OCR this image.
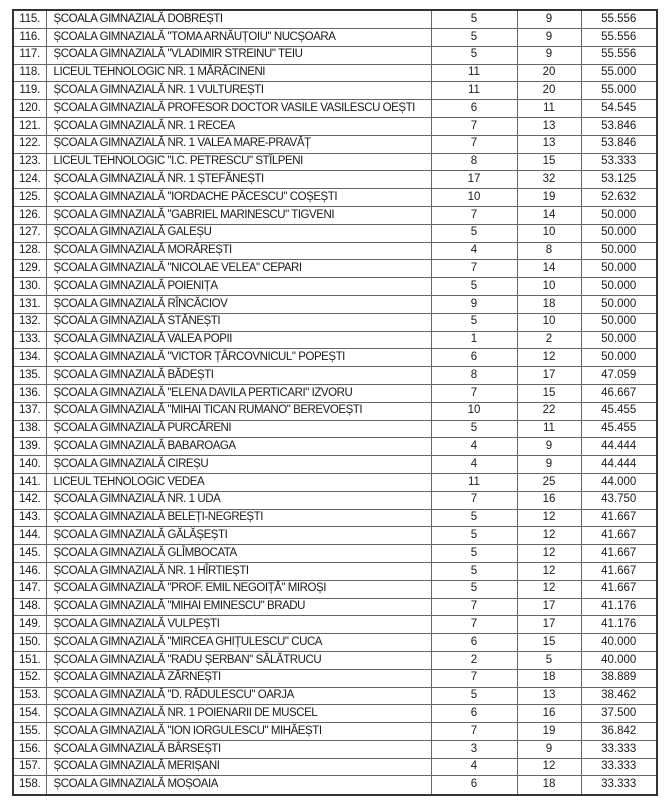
115.	ȘCOALA GIMNAZIALĂ DOBREȘTI	5	9	55.556
116.	ȘCOALA GIMNAZIALĂ "TOMA ARNĂUȚOIU" NUCȘOARA	5	9	55.556
117.	ȘCOALA GIMNAZIALĂ "VLADIMIR STREINU" TEIU	5	9	55.556
118.	LICEUL TEHNOLOGIC NR. 1 MĂRĂCINENI	11	20	55.000
119.	ȘCOALA GIMNAZIALĂ NR. 1 VULTUREȘTI	11	20	55.000
120.	ȘCOALA GIMNAZIALĂ PROFESOR DOCTOR VASILE VASILESCU OEȘTI	6	11	54.545
121.	ȘCOALA GIMNAZIALĂ NR. 1 RECEA	7	13	53.846
122.	ȘCOALA GIMNAZIALĂ NR. 1 VALEA MARE-PRAVĂȚ	7	13	53.846
123.	LICEUL TEHNOLOGIC "I.C. PETRESCU" STÎLPENI	8	15	53.333
124.	ȘCOALA GIMNAZIALĂ NR. 1 ȘTEFĂNEȘTI	17	32	53.125
125.	ȘCOALA GIMNAZIALĂ "IORDACHE PĂCESCU" COȘEȘTI	10	19	52.632
126.	ȘCOALA GIMNAZIALĂ "GABRIEL MARINESCU" TIGVENI	7	14	50.000
127.	ȘCOALA GIMNAZIALĂ GALEȘU	5	10	50.000
128.	ȘCOALA GIMNAZIALĂ MORĂREȘTI	4	8	50.000
129.	ȘCOALA GIMNAZIALĂ "NICOLAE VELEA" CEPARI	7	14	50.000
130.	ȘCOALA GIMNAZIALĂ POIENIȚA	5	10	50.000
131.	ȘCOALA GIMNAZIALĂ RÎNCĂCIOV	9	18	50.000
132.	ȘCOALA GIMNAZIALĂ STĂNEȘTI	5	10	50.000
133.	ȘCOALA GIMNAZIALĂ VALEA POPII	1	2	50.000
134.	ȘCOALA GIMNAZIALĂ "VICTOR ȚÂRCOVNICUL" POPEȘTI	6	12	50.000
135.	ȘCOALA GIMNAZIALĂ BĂDEȘTI	8	17	47.059
136.	ȘCOALA GIMNAZIALĂ "ELENA DAVILA PERTICARI" IZVORU	7	15	46.667
137.	ȘCOALA GIMNAZIALĂ "MIHAI TICAN RUMANO" BEREVOEȘTI	10	22	45.455
138.	ȘCOALA GIMNAZIALĂ PURCĂRENI	5	11	45.455
139.	ȘCOALA GIMNAZIALĂ BABAROAGA	4	9	44.444
140.	ȘCOALA GIMNAZIALĂ CIREȘU	4	9	44.444
141.	LICEUL TEHNOLOGIC VEDEA	11	25	44.000
142.	ȘCOALA GIMNAZIALĂ NR. 1 UDA	7	16	43.750
143.	ȘCOALA GIMNAZIALĂ BELEȚI-NEGREȘTI	5	12	41.667
144.	ȘCOALA GIMNAZIALĂ GĂLĂȘEȘTI	5	12	41.667
145.	ȘCOALA GIMNAZIALĂ GLÎMBOCATA	5	12	41.667
146.	ȘCOALA GIMNAZIALĂ NR. 1 HÎRTIEȘTI	5	12	41.667
147.	ȘCOALA GIMNAZIALĂ "PROF. EMIL NEGOIȚĂ" MIROȘI	5	12	41.667
148.	ȘCOALA GIMNAZIALĂ "MIHAI EMINESCU" BRADU	7	17	41.176
149.	ȘCOALA GIMNAZIALĂ VULPEȘTI	7	17	41.176
150.	ȘCOALA GIMNAZIALĂ "MIRCEA GHIȚULESCU" CUCA	6	15	40.000
151.	ȘCOALA GIMNAZIALĂ "RADU ȘERBAN" SĂLĂTRUCU	2	5	40.000
152.	ȘCOALA GIMNAZIALĂ ZĂRNEȘTI	7	18	38.889
153.	ȘCOALA GIMNAZIALĂ "D. RĂDULESCU" OARJA	5	13	38.462
154.	ȘCOALA GIMNAZIALĂ NR. 1 POIENARII DE MUSCEL	6	16	37.500
155.	ȘCOALA GIMNAZIALĂ "ION IORGULESCU" MIHĂEȘTI	7	19	36.842
156.	ȘCOALA GIMNAZIALĂ BÂRSEȘTI	3	9	33.333
157.	ȘCOALA GIMNAZIALĂ MERIȘANI	4	12	33.333
158.	ȘCOALA GIMNAZIALĂ MOȘOAIA	6	18	33.333
